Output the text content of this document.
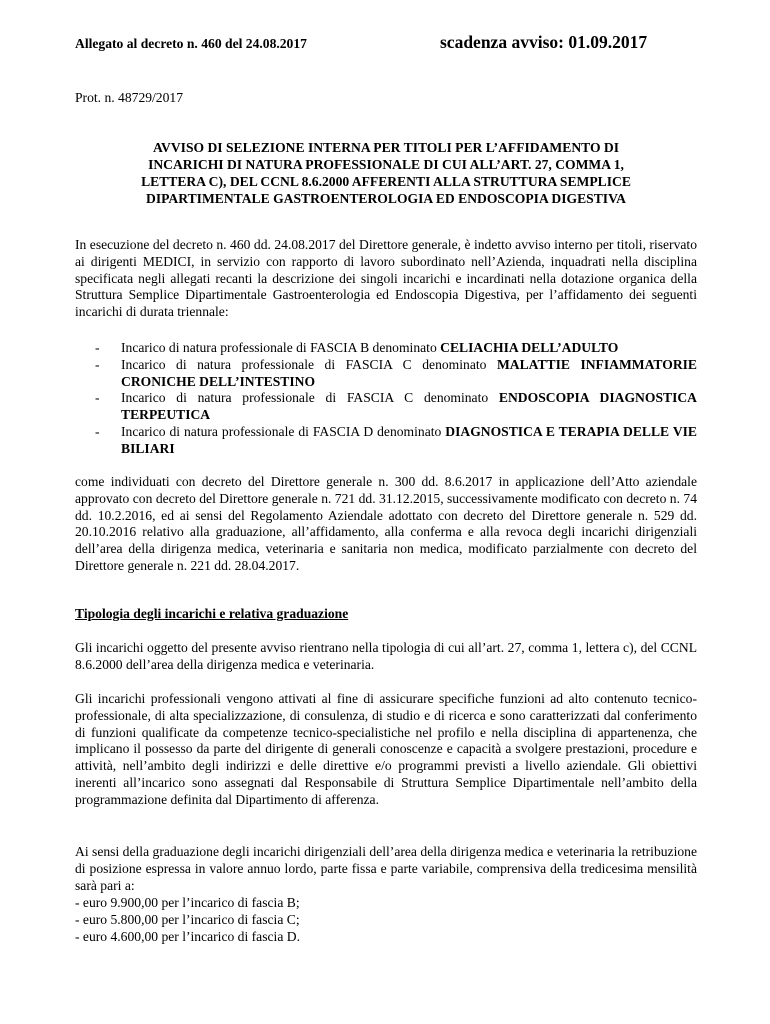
Allegato al decreto n. 460 del 24.08.2017	scadenza avviso: 01.09.2017
Prot. n. 48729/2017
AVVISO DI SELEZIONE INTERNA PER TITOLI PER L’AFFIDAMENTO DI
INCARICHI DI NATURA PROFESSIONALE DI CUI ALL’ART. 27, COMMA 1,
LETTERA C), DEL CCNL 8.6.2000 AFFERENTI ALLA STRUTTURA SEMPLICE
DIPARTIMENTALE GASTROENTEROLOGIA ED ENDOSCOPIA DIGESTIVA
In esecuzione del decreto n. 460 dd. 24.08.2017 del Direttore generale, è indetto avviso interno per titoli, riservato ai dirigenti MEDICI, in servizio con rapporto di lavoro subordinato nell’Azienda, inquadrati nella disciplina specificata negli allegati recanti la descrizione dei singoli incarichi e incardinati nella dotazione organica della Struttura Semplice Dipartimentale Gastroenterologia ed Endoscopia Digestiva, per l’affidamento dei seguenti incarichi di durata triennale:
- Incarico di natura professionale di FASCIA B denominato CELIACHIA DELL’ADULTO
- Incarico di natura professionale di FASCIA C denominato MALATTIE INFIAMMATORIE CRONICHE DELL’INTESTINO
- Incarico di natura professionale di FASCIA C denominato ENDOSCOPIA DIAGNOSTICA TERPEUTICA
- Incarico di natura professionale di FASCIA D denominato DIAGNOSTICA E TERAPIA DELLE VIE BILIARI
come individuati con decreto del Direttore generale n. 300 dd. 8.6.2017 in applicazione dell’Atto aziendale approvato con decreto del Direttore generale n. 721 dd. 31.12.2015, successivamente modificato con decreto n. 74 dd. 10.2.2016, ed ai sensi del Regolamento Aziendale adottato con decreto del Direttore generale n. 529 dd. 20.10.2016 relativo alla graduazione, all’affidamento, alla conferma e alla revoca degli incarichi dirigenziali dell’area della dirigenza medica, veterinaria e sanitaria non medica, modificato parzialmente con decreto del Direttore generale n. 221 dd. 28.04.2017.
Tipologia degli incarichi e relativa graduazione
Gli incarichi oggetto del presente avviso rientrano nella tipologia di cui all’art. 27, comma 1, lettera c), del CCNL 8.6.2000 dell’area della dirigenza medica e veterinaria.
Gli incarichi professionali vengono attivati al fine di assicurare specifiche funzioni ad alto contenuto tecnico-professionale, di alta specializzazione, di consulenza, di studio e di ricerca e sono caratterizzati dal conferimento di funzioni qualificate da competenze tecnico-specialistiche nel profilo e nella disciplina di appartenenza, che implicano il possesso da parte del dirigente di generali conoscenze e capacità a svolgere prestazioni, procedure e attività, nell’ambito degli indirizzi e delle direttive e/o programmi previsti a livello aziendale. Gli obiettivi inerenti all’incarico sono assegnati dal Responsabile di Struttura Semplice Dipartimentale nell’ambito della programmazione definita dal Dipartimento di afferenza.
Ai sensi della graduazione degli incarichi dirigenziali dell’area della dirigenza medica e veterinaria la retribuzione di posizione espressa in valore annuo lordo, parte fissa e parte variabile, comprensiva della tredicesima mensilità sarà pari a:
- euro 9.900,00 per l’incarico di fascia B;
- euro 5.800,00 per l’incarico di fascia C;
- euro 4.600,00 per l’incarico di fascia D.
